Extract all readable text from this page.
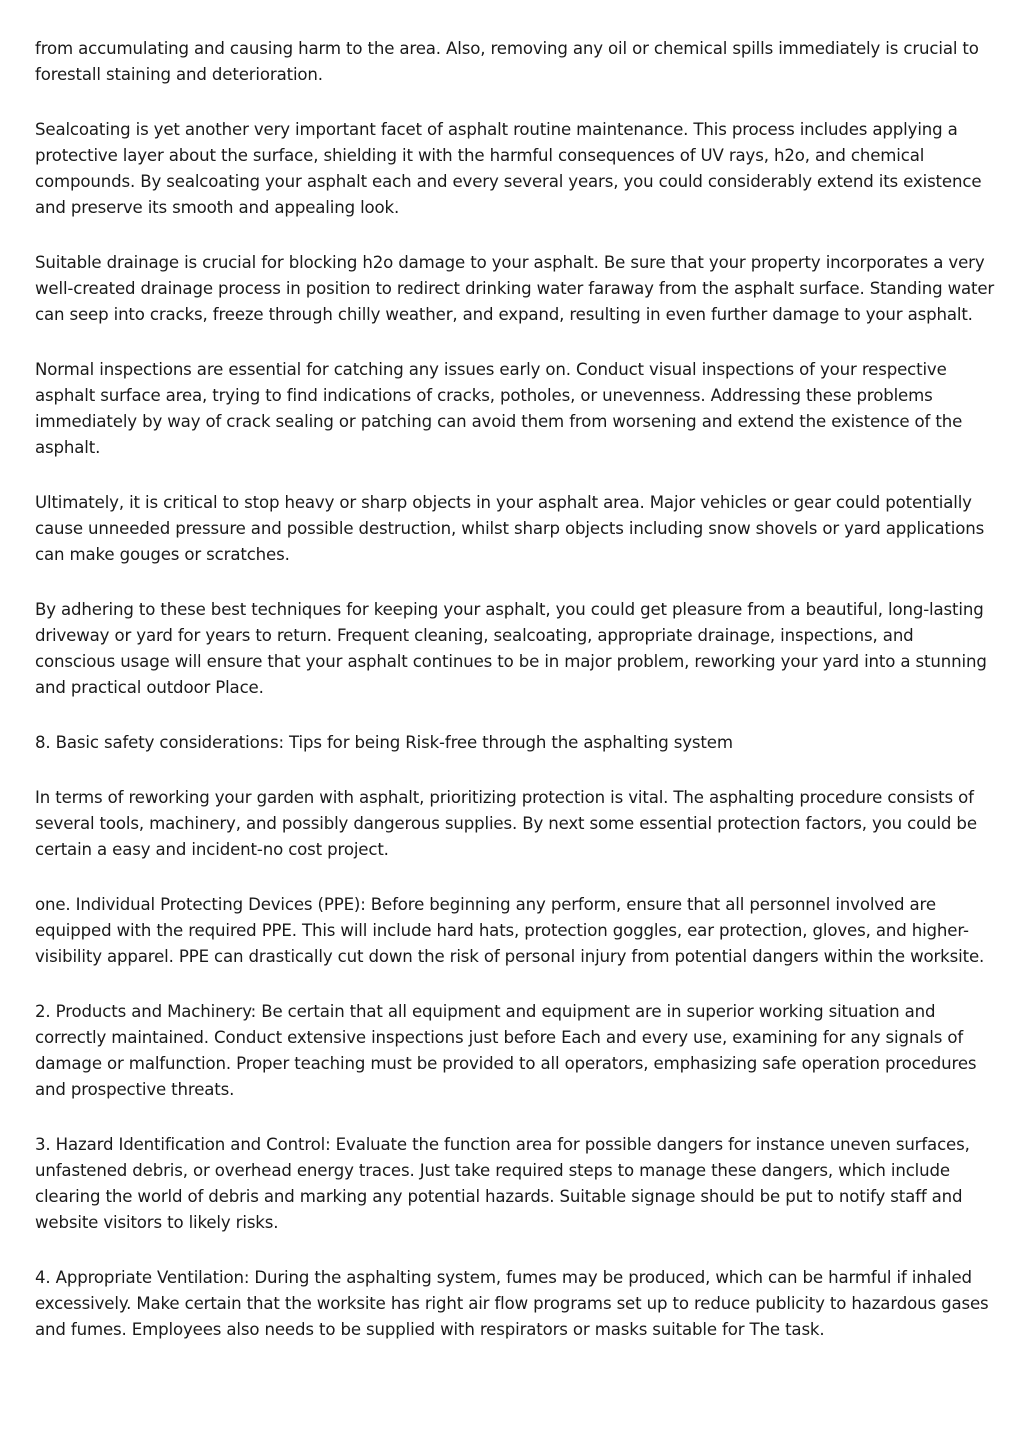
from accumulating and causing harm to the area. Also, removing any oil or chemical spills immediately is crucial to forestall staining and deterioration.

Sealcoating is yet another very important facet of asphalt routine maintenance. This process includes applying a protective layer about the surface, shielding it with the harmful consequences of UV rays, h2o, and chemical compounds. By sealcoating your asphalt each and every several years, you could considerably extend its existence and preserve its smooth and appealing look.

Suitable drainage is crucial for blocking h2o damage to your asphalt. Be sure that your property incorporates a very well-created drainage process in position to redirect drinking water faraway from the asphalt surface. Standing water can seep into cracks, freeze through chilly weather, and expand, resulting in even further damage to your asphalt.

Normal inspections are essential for catching any issues early on. Conduct visual inspections of your respective asphalt surface area, trying to find indications of cracks, potholes, or unevenness. Addressing these problems immediately by way of crack sealing or patching can avoid them from worsening and extend the existence of the asphalt.

Ultimately, it is critical to stop heavy or sharp objects in your asphalt area. Major vehicles or gear could potentially cause unneeded pressure and possible destruction, whilst sharp objects including snow shovels or yard applications can make gouges or scratches.

By adhering to these best techniques for keeping your asphalt, you could get pleasure from a beautiful, long-lasting driveway or yard for years to return. Frequent cleaning, sealcoating, appropriate drainage, inspections, and conscious usage will ensure that your asphalt continues to be in major problem, reworking your yard into a stunning and practical outdoor Place.

8. Basic safety considerations: Tips for being Risk-free through the asphalting system

In terms of reworking your garden with asphalt, prioritizing protection is vital. The asphalting procedure consists of several tools, machinery, and possibly dangerous supplies. By next some essential protection factors, you could be certain a easy and incident-no cost project.

one. Individual Protecting Devices (PPE): Before beginning any perform, ensure that all personnel involved are equipped with the required PPE. This will include hard hats, protection goggles, ear protection, gloves, and higher-visibility apparel. PPE can drastically cut down the risk of personal injury from potential dangers within the worksite.

2. Products and Machinery: Be certain that all equipment and equipment are in superior working situation and correctly maintained. Conduct extensive inspections just before Each and every use, examining for any signals of damage or malfunction. Proper teaching must be provided to all operators, emphasizing safe operation procedures and prospective threats.

3. Hazard Identification and Control: Evaluate the function area for possible dangers for instance uneven surfaces, unfastened debris, or overhead energy traces. Just take required steps to manage these dangers, which include clearing the world of debris and marking any potential hazards. Suitable signage should be put to notify staff and website visitors to likely risks.

4. Appropriate Ventilation: During the asphalting system, fumes may be produced, which can be harmful if inhaled excessively. Make certain that the worksite has right air flow programs set up to reduce publicity to hazardous gases and fumes. Employees also needs to be supplied with respirators or masks suitable for The task.
